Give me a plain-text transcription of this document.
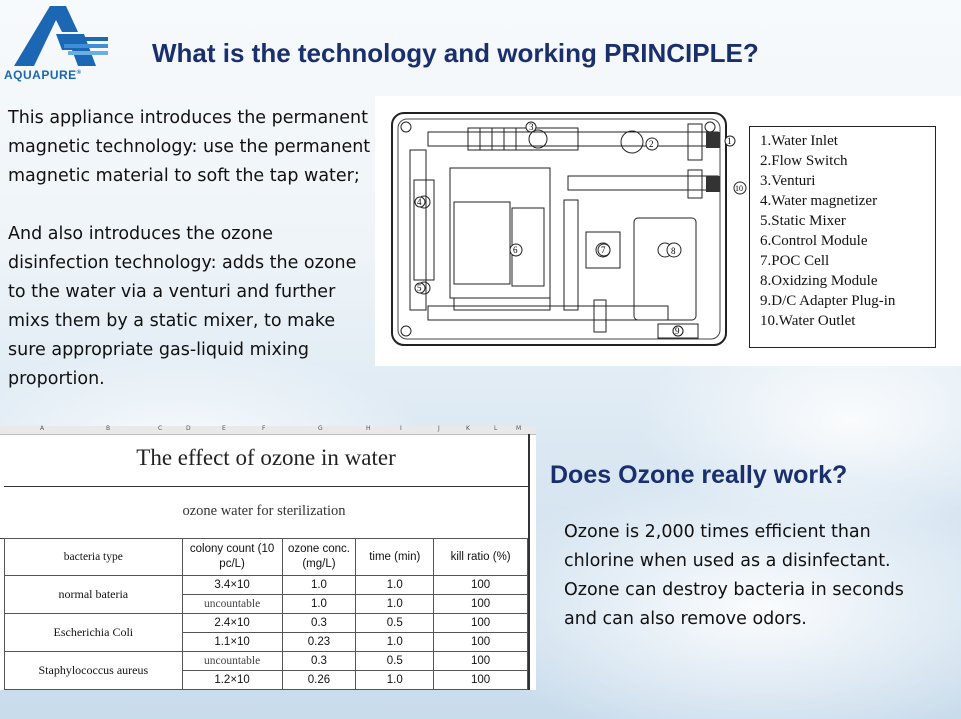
AQUAPURE®
What is the technology and working PRINCIPLE?

This appliance introduces the permanent magnetic technology: use the permanent magnetic material to soft the tap water;

And also introduces the ozone disinfection technology: adds the ozone to the water via a venturi and further mixs them by a static mixer, to make sure appropriate gas-liquid mixing proportion.

3
2	1
4
5
6	7	8
9
10
1.Water Inlet
2.Flow Switch
3.Venturi
4.Water magnetizer
5.Static Mixer
6.Control Module
7.POC Cell
8.Oxidzing Module
9.D/C Adapter Plug-in
10.Water Outlet
A	B	C	D	E	F	G	H	I	J	K	L	M
The effect of ozone in water
ozone water for sterilization
bacteria type	colony count (10 pc/L)	ozone conc. (mg/L)	time (min)	kill ratio (%)
normal bateria	3.4×10	1.0	1.0	100
	uncountable	1.0	1.0	100
Escherichia Coli	2.4×10	0.3	0.5	100
	1.1×10	0.23	1.0	100
Staphylococcus aureus	uncountable	0.3	0.5	100
	1.2×10	0.26	1.0	100
Does Ozone really work?

Ozone is 2,000 times efficient than chlorine when used as a disinfectant. Ozone can destroy bacteria in seconds and can also remove odors.
